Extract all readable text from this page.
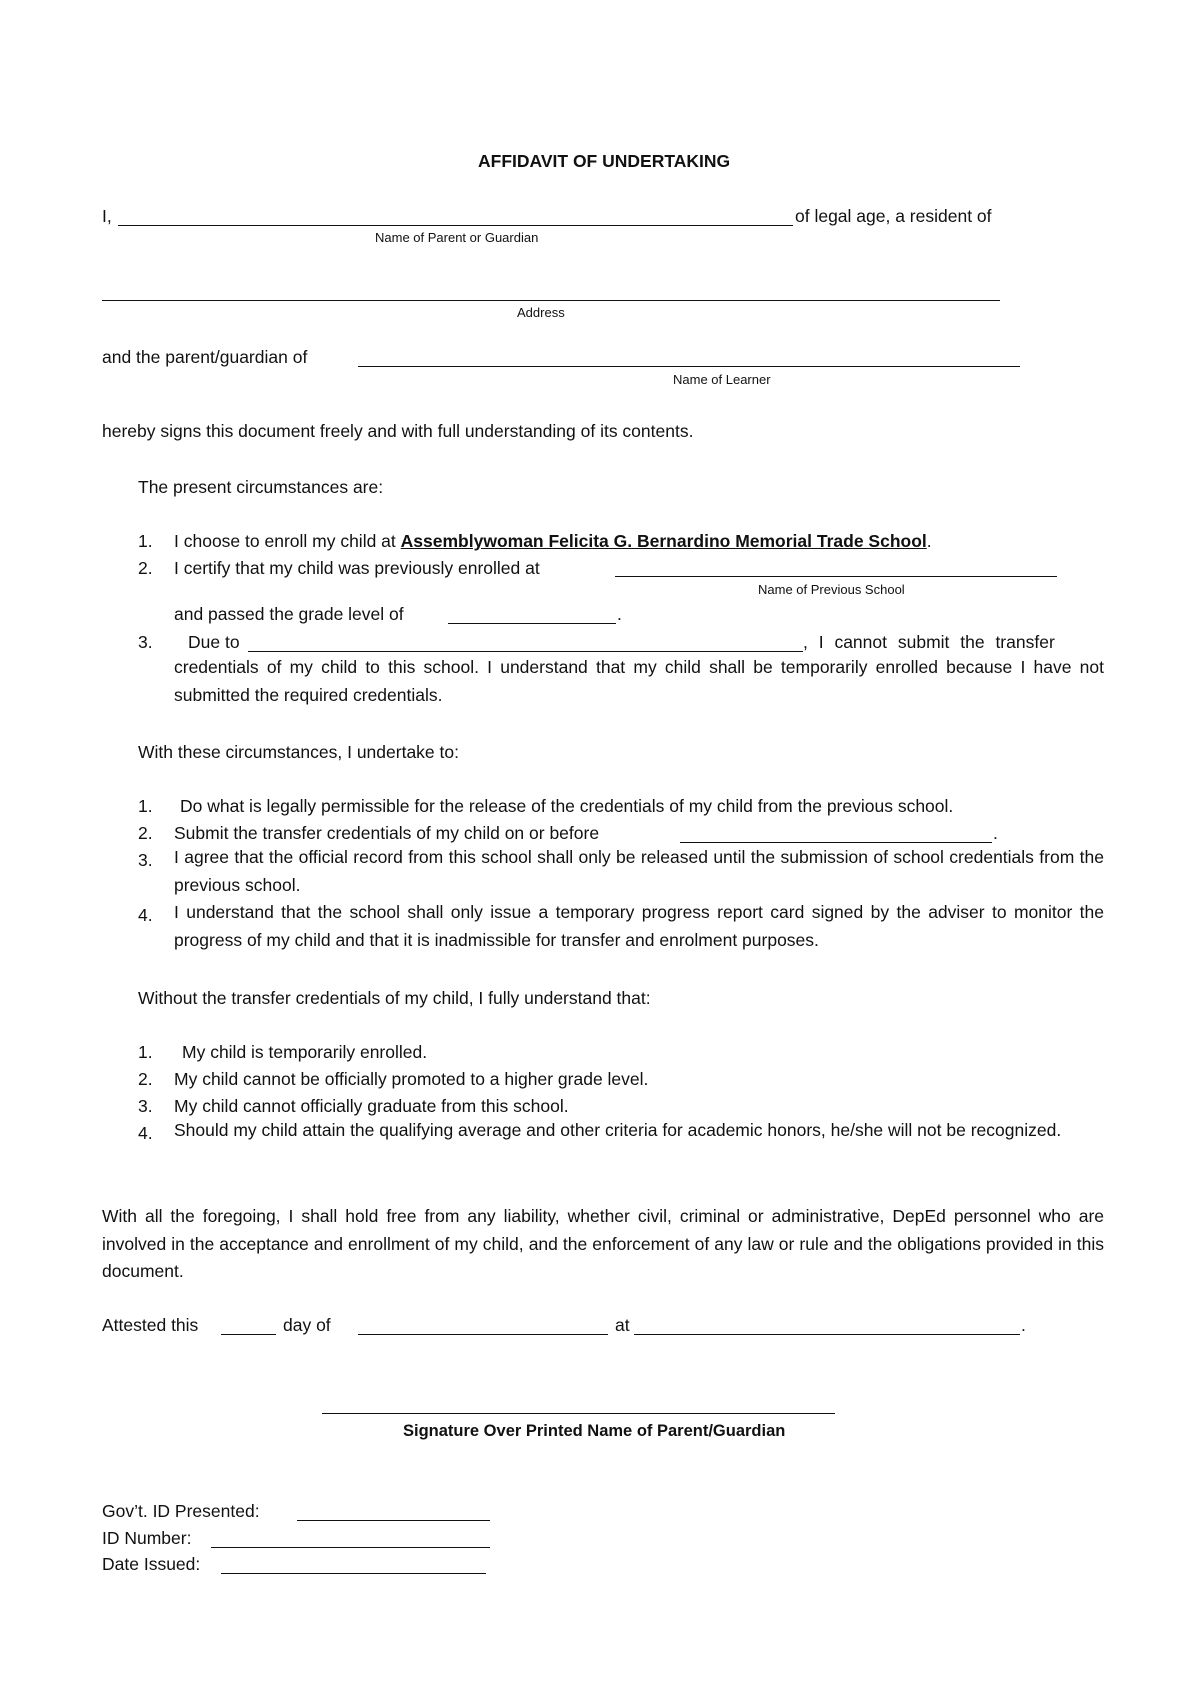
AFFIDAVIT OF UNDERTAKING
I,	of legal age, a resident of
Name of Parent or Guardian
Address
and the parent/guardian of
Name of Learner
hereby signs this document freely and with full understanding of its contents.
The present circumstances are:
1. I choose to enroll my child at Assemblywoman Felicita G. Bernardino Memorial Trade School.
2. I certify that my child was previously enrolled at
Name of Previous School
and passed the grade level of	.
3. Due to	, I cannot submit the transfer
credentials of my child to this school. I understand that my child shall be temporarily enrolled because I have not submitted the required credentials.
With these circumstances, I undertake to:
1. Do what is legally permissible for the release of the credentials of my child from the previous school.
2. Submit the transfer credentials of my child on or before	.
3. I agree that the official record from this school shall only be released until the submission of school credentials from the previous school.
4. I understand that the school shall only issue a temporary progress report card signed by the adviser to monitor the progress of my child and that it is inadmissible for transfer and enrolment purposes.
Without the transfer credentials of my child, I fully understand that:
1. My child is temporarily enrolled.
2. My child cannot be officially promoted to a higher grade level.
3. My child cannot officially graduate from this school.
4. Should my child attain the qualifying average and other criteria for academic honors, he/she will not be recognized.
With all the foregoing, I shall hold free from any liability, whether civil, criminal or administrative, DepEd personnel who are involved in the acceptance and enrollment of my child, and the enforcement of any law or rule and the obligations provided in this document.
Attested this	day of	at	.
Signature Over Printed Name of Parent/Guardian
Gov’t. ID Presented:
ID Number:
Date Issued:
